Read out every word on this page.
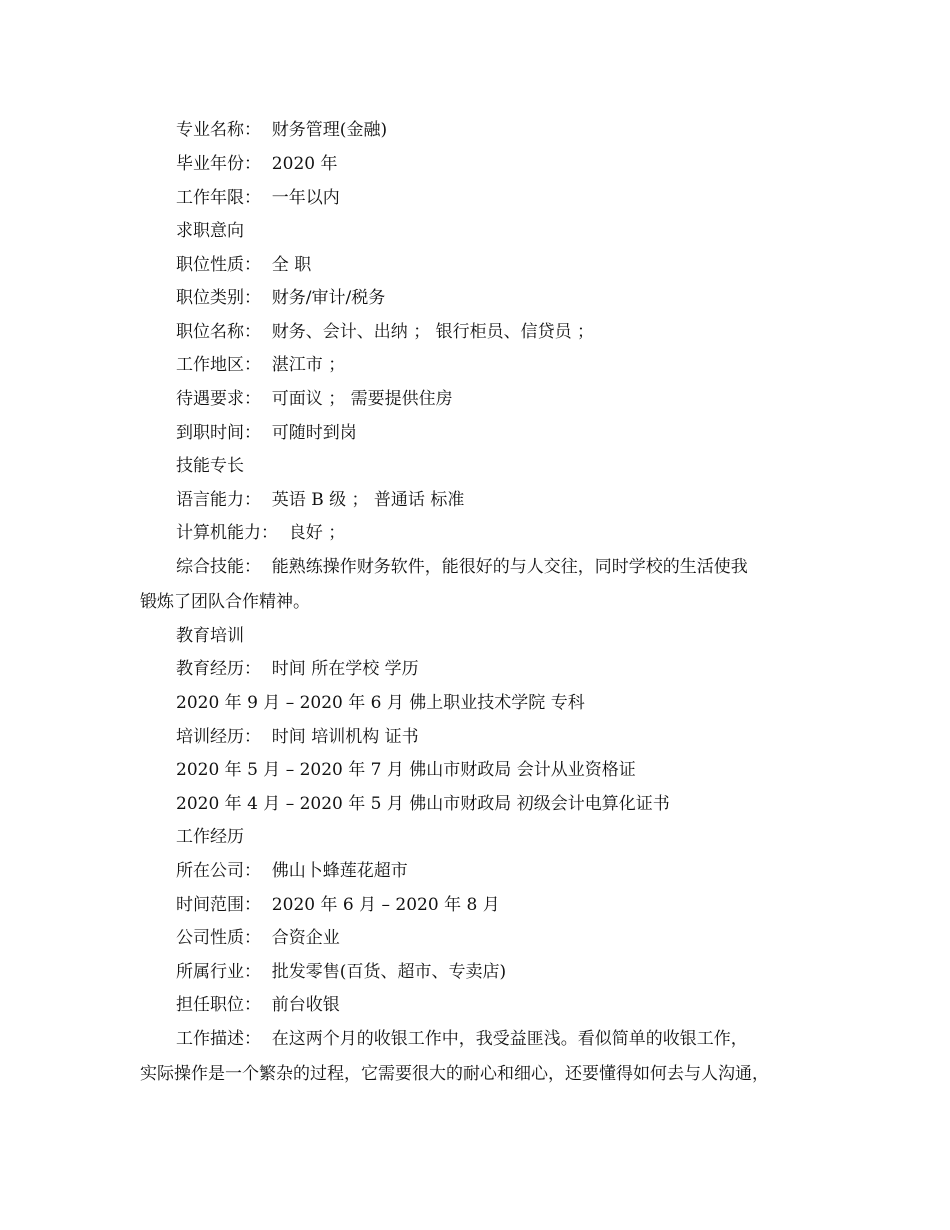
专业名称：  财务管理(金融)
毕业年份：  2020 年
工作年限：  一年以内
求职意向
职位性质：  全 职
职位类别：  财务/审计/税务
职位名称：  财务、会计、出纳 ； 银行柜员、信贷员 ；
工作地区：  湛江市 ；
待遇要求：  可面议 ； 需要提供住房
到职时间：  可随时到岗
技能专长
语言能力：  英语 B 级 ； 普通话 标准
计算机能力：  良好 ；
综合技能：  能熟练操作财务软件，能很好的与人交往，同时学校的生活使我
锻炼了团队合作精神。
教育培训
教育经历：  时间 所在学校 学历
2020 年 9 月 – 2020 年 6 月 佛上职业技术学院 专科
培训经历：  时间 培训机构 证书
2020 年 5 月 – 2020 年 7 月 佛山市财政局 会计从业资格证
2020 年 4 月 – 2020 年 5 月 佛山市财政局 初级会计电算化证书
工作经历
所在公司：  佛山卜蜂莲花超市
时间范围：  2020 年 6 月 – 2020 年 8 月
公司性质：  合资企业
所属行业：  批发零售(百货、超市、专卖店)
担任职位：  前台收银
工作描述：  在这两个月的收银工作中，我受益匪浅。看似简单的收银工作，
实际操作是一个繁杂的过程，它需要很大的耐心和细心，还要懂得如何去与人沟通，
